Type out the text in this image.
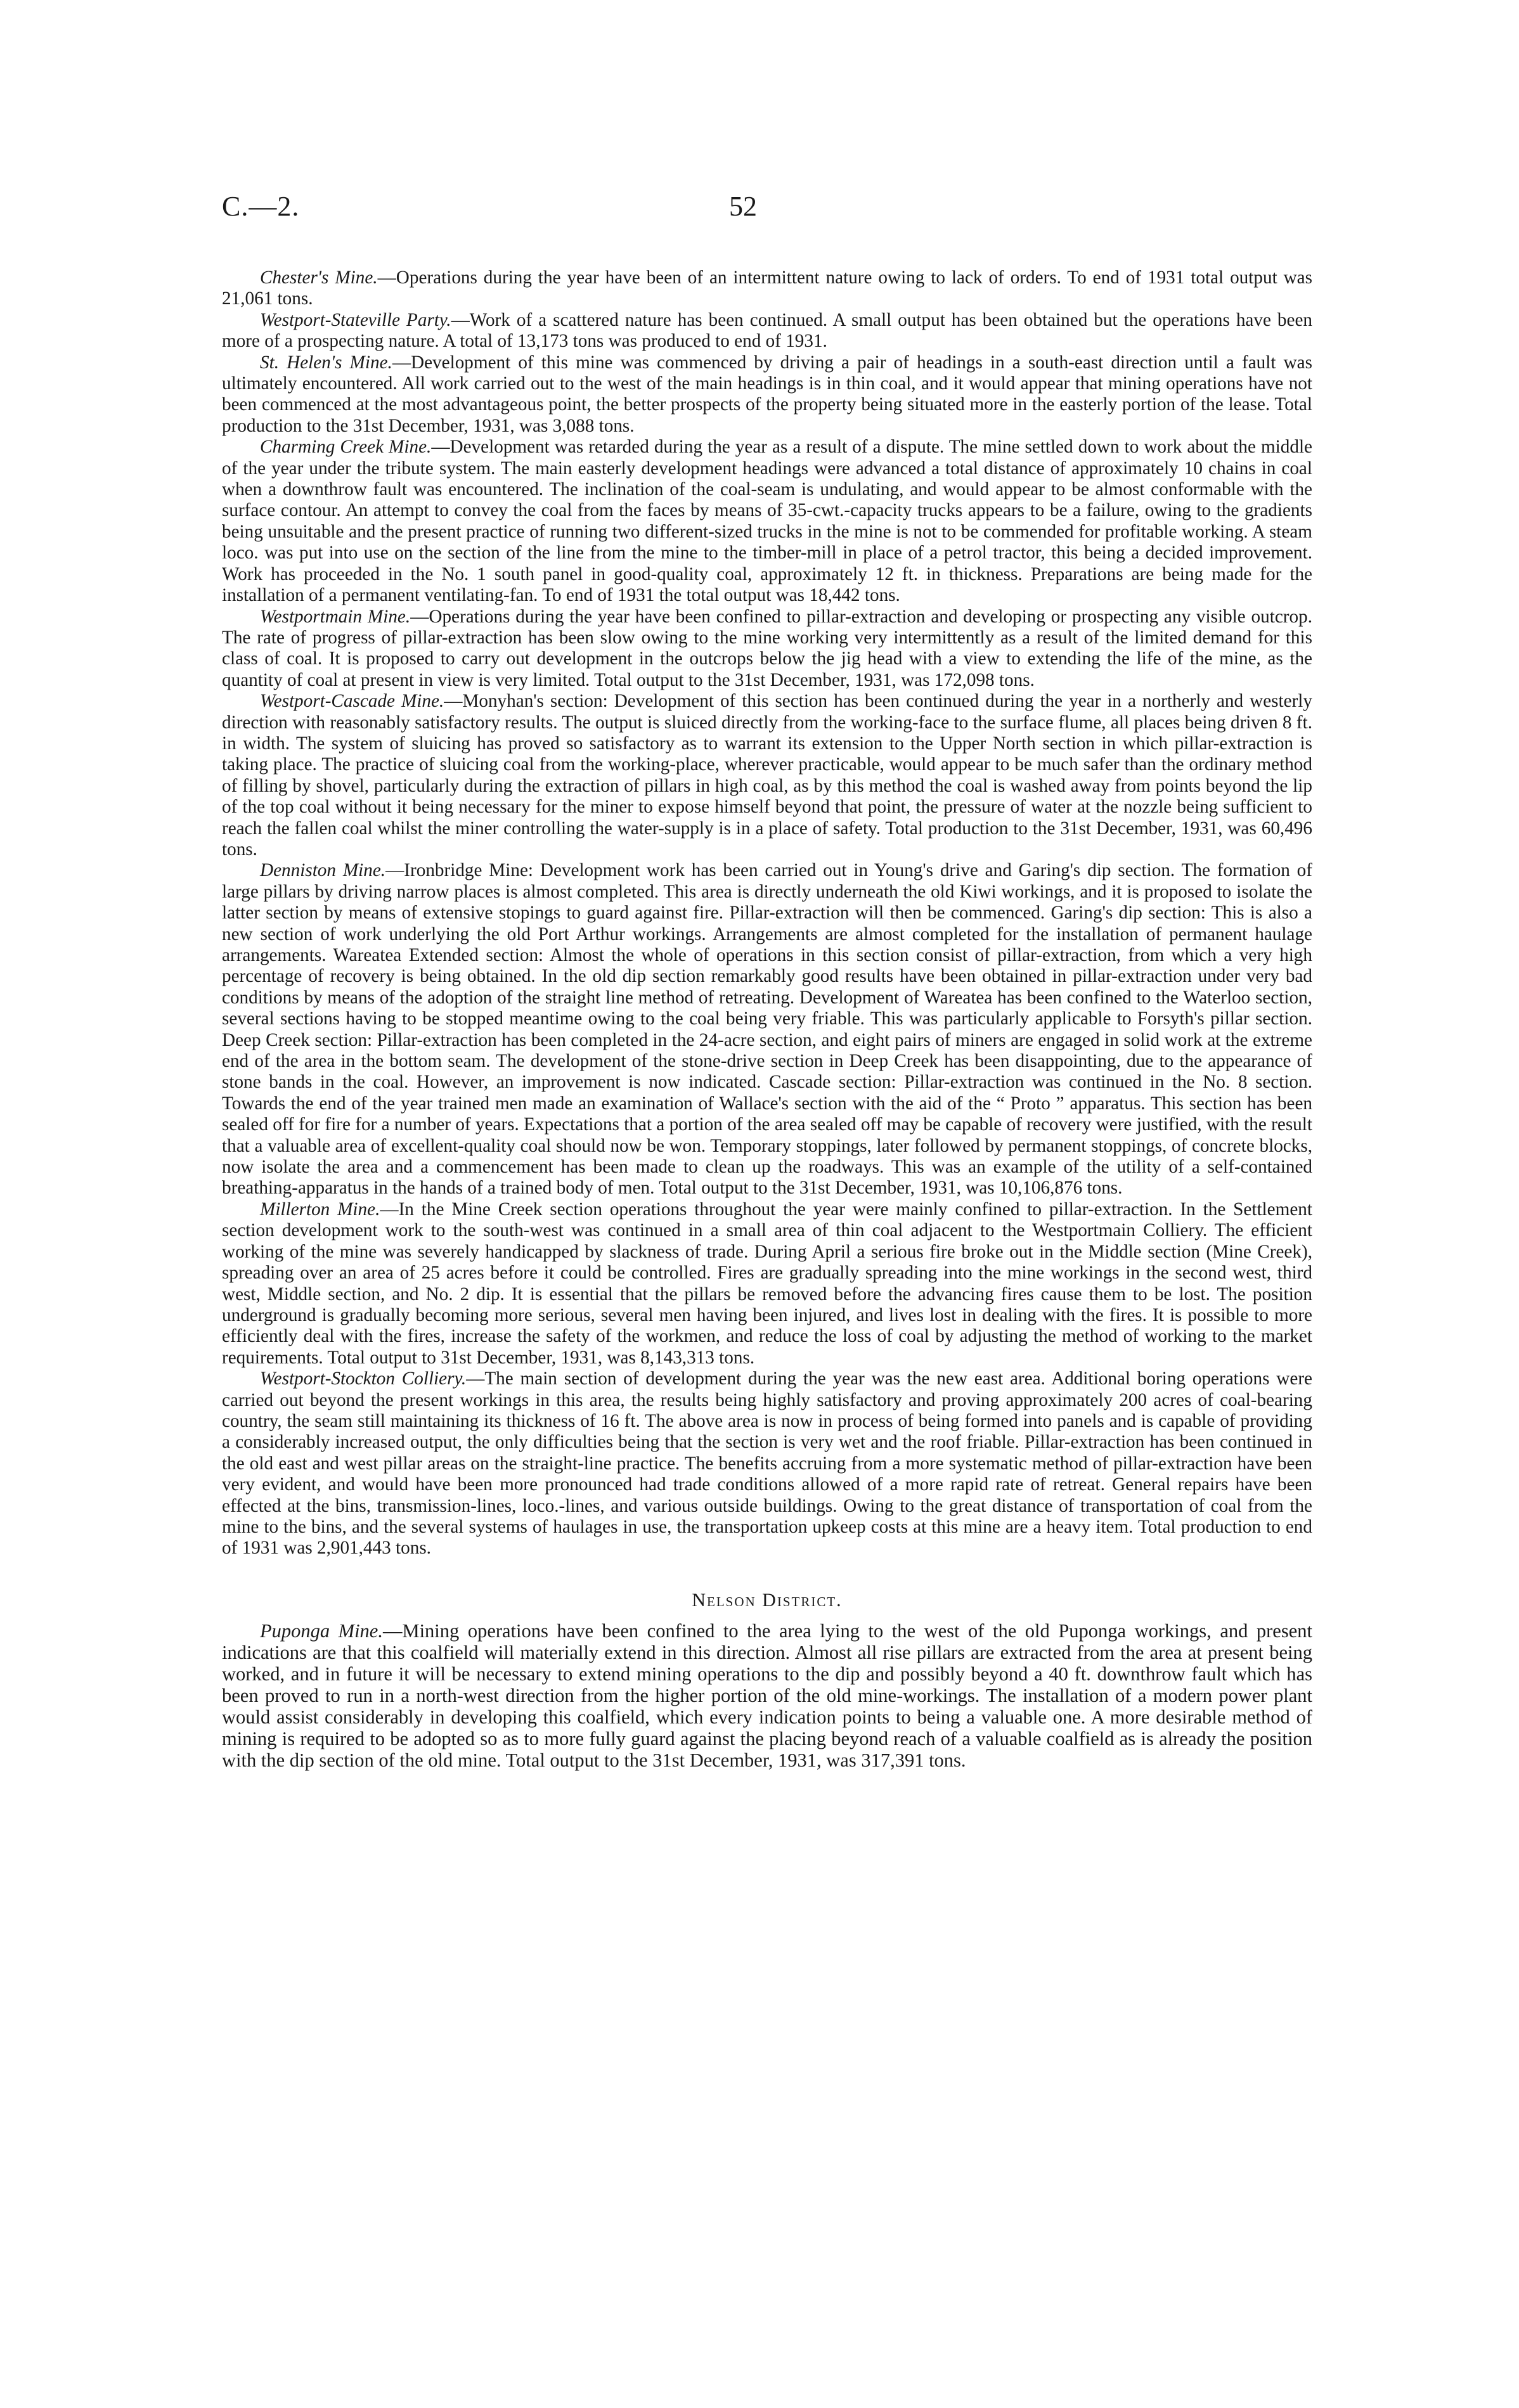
C.—2.	52

Chester's Mine.—Operations during the year have been of an intermittent nature owing to lack of orders. To end of 1931 total output was 21,061 tons.

Westport-Stateville Party.—Work of a scattered nature has been continued. A small output has been obtained but the operations have been more of a prospecting nature. A total of 13,173 tons was produced to end of 1931.

St. Helen's Mine.—Development of this mine was commenced by driving a pair of headings in a south-east direction until a fault was ultimately encountered. All work carried out to the west of the main headings is in thin coal, and it would appear that mining operations have not been commenced at the most advantageous point, the better prospects of the property being situated more in the easterly portion of the lease. Total production to the 31st December, 1931, was 3,088 tons.

Charming Creek Mine.—Development was retarded during the year as a result of a dispute. The mine settled down to work about the middle of the year under the tribute system. The main easterly development headings were advanced a total distance of approximately 10 chains in coal when a downthrow fault was encountered. The inclination of the coal-seam is undulating, and would appear to be almost conformable with the surface contour. An attempt to convey the coal from the faces by means of 35-cwt.-capacity trucks appears to be a failure, owing to the gradients being unsuitable and the present practice of running two different-sized trucks in the mine is not to be commended for profitable working. A steam loco. was put into use on the section of the line from the mine to the timber-mill in place of a petrol tractor, this being a decided improvement. Work has proceeded in the No. 1 south panel in good-quality coal, approximately 12 ft. in thickness. Preparations are being made for the installation of a permanent ventilating-fan. To end of 1931 the total output was 18,442 tons.

Westportmain Mine.—Operations during the year have been confined to pillar-extraction and developing or prospecting any visible outcrop. The rate of progress of pillar-extraction has been slow owing to the mine working very intermittently as a result of the limited demand for this class of coal. It is proposed to carry out development in the outcrops below the jig head with a view to extending the life of the mine, as the quantity of coal at present in view is very limited. Total output to the 31st December, 1931, was 172,098 tons.

Westport-Cascade Mine.—Monyhan's section: Development of this section has been continued during the year in a northerly and westerly direction with reasonably satisfactory results. The output is sluiced directly from the working-face to the surface flume, all places being driven 8 ft. in width. The system of sluicing has proved so satisfactory as to warrant its extension to the Upper North section in which pillar-extraction is taking place. The practice of sluicing coal from the working-place, wherever practicable, would appear to be much safer than the ordinary method of filling by shovel, particularly during the extraction of pillars in high coal, as by this method the coal is washed away from points beyond the lip of the top coal without it being necessary for the miner to expose himself beyond that point, the pressure of water at the nozzle being sufficient to reach the fallen coal whilst the miner controlling the water-supply is in a place of safety. Total production to the 31st December, 1931, was 60,496 tons.

Denniston Mine.—Ironbridge Mine: Development work has been carried out in Young's drive and Garing's dip section. The formation of large pillars by driving narrow places is almost completed. This area is directly underneath the old Kiwi workings, and it is proposed to isolate the latter section by means of extensive stopings to guard against fire. Pillar-extraction will then be commenced. Garing's dip section: This is also a new section of work underlying the old Port Arthur workings. Arrangements are almost completed for the installation of permanent haulage arrangements. Wareatea Extended section: Almost the whole of operations in this section consist of pillar-extraction, from which a very high percentage of recovery is being obtained. In the old dip section remarkably good results have been obtained in pillar-extraction under very bad conditions by means of the adoption of the straight line method of retreating. Development of Wareatea has been confined to the Waterloo section, several sections having to be stopped meantime owing to the coal being very friable. This was particularly applicable to Forsyth's pillar section. Deep Creek section: Pillar-extraction has been completed in the 24-acre section, and eight pairs of miners are engaged in solid work at the extreme end of the area in the bottom seam. The development of the stone-drive section in Deep Creek has been disappointing, due to the appearance of stone bands in the coal. However, an improvement is now indicated. Cascade section: Pillar-extraction was continued in the No. 8 section. Towards the end of the year trained men made an examination of Wallace's section with the aid of the “ Proto ” apparatus. This section has been sealed off for fire for a number of years. Expectations that a portion of the area sealed off may be capable of recovery were justified, with the result that a valuable area of excellent-quality coal should now be won. Temporary stoppings, later followed by permanent stoppings, of concrete blocks, now isolate the area and a commencement has been made to clean up the roadways. This was an example of the utility of a self-contained breathing-apparatus in the hands of a trained body of men. Total output to the 31st December, 1931, was 10,106,876 tons.

Millerton Mine.—In the Mine Creek section operations throughout the year were mainly confined to pillar-extraction. In the Settlement section development work to the south-west was continued in a small area of thin coal adjacent to the Westportmain Colliery. The efficient working of the mine was severely handicapped by slackness of trade. During April a serious fire broke out in the Middle section (Mine Creek), spreading over an area of 25 acres before it could be controlled. Fires are gradually spreading into the mine workings in the second west, third west, Middle section, and No. 2 dip. It is essential that the pillars be removed before the advancing fires cause them to be lost. The position underground is gradually becoming more serious, several men having been injured, and lives lost in dealing with the fires. It is possible to more efficiently deal with the fires, increase the safety of the workmen, and reduce the loss of coal by adjusting the method of working to the market requirements. Total output to 31st December, 1931, was 8,143,313 tons.

Westport-Stockton Colliery.—The main section of development during the year was the new east area. Additional boring operations were carried out beyond the present workings in this area, the results being highly satisfactory and proving approximately 200 acres of coal-bearing country, the seam still maintaining its thickness of 16 ft. The above area is now in process of being formed into panels and is capable of providing a considerably increased output, the only difficulties being that the section is very wet and the roof friable. Pillar-extraction has been continued in the old east and west pillar areas on the straight-line practice. The benefits accruing from a more systematic method of pillar-extraction have been very evident, and would have been more pronounced had trade conditions allowed of a more rapid rate of retreat. General repairs have been effected at the bins, transmission-lines, loco.-lines, and various outside buildings. Owing to the great distance of transportation of coal from the mine to the bins, and the several systems of haulages in use, the transportation upkeep costs at this mine are a heavy item. Total production to end of 1931 was 2,901,443 tons.

Nelson District.

Puponga Mine.—Mining operations have been confined to the area lying to the west of the old Puponga workings, and present indications are that this coalfield will materially extend in this direction. Almost all rise pillars are extracted from the area at present being worked, and in future it will be necessary to extend mining operations to the dip and possibly beyond a 40 ft. downthrow fault which has been proved to run in a north-west direction from the higher portion of the old mine-workings. The installation of a modern power plant would assist considerably in developing this coalfield, which every indication points to being a valuable one. A more desirable method of mining is required to be adopted so as to more fully guard against the placing beyond reach of a valuable coalfield as is already the position with the dip section of the old mine. Total output to the 31st December, 1931, was 317,391 tons.
